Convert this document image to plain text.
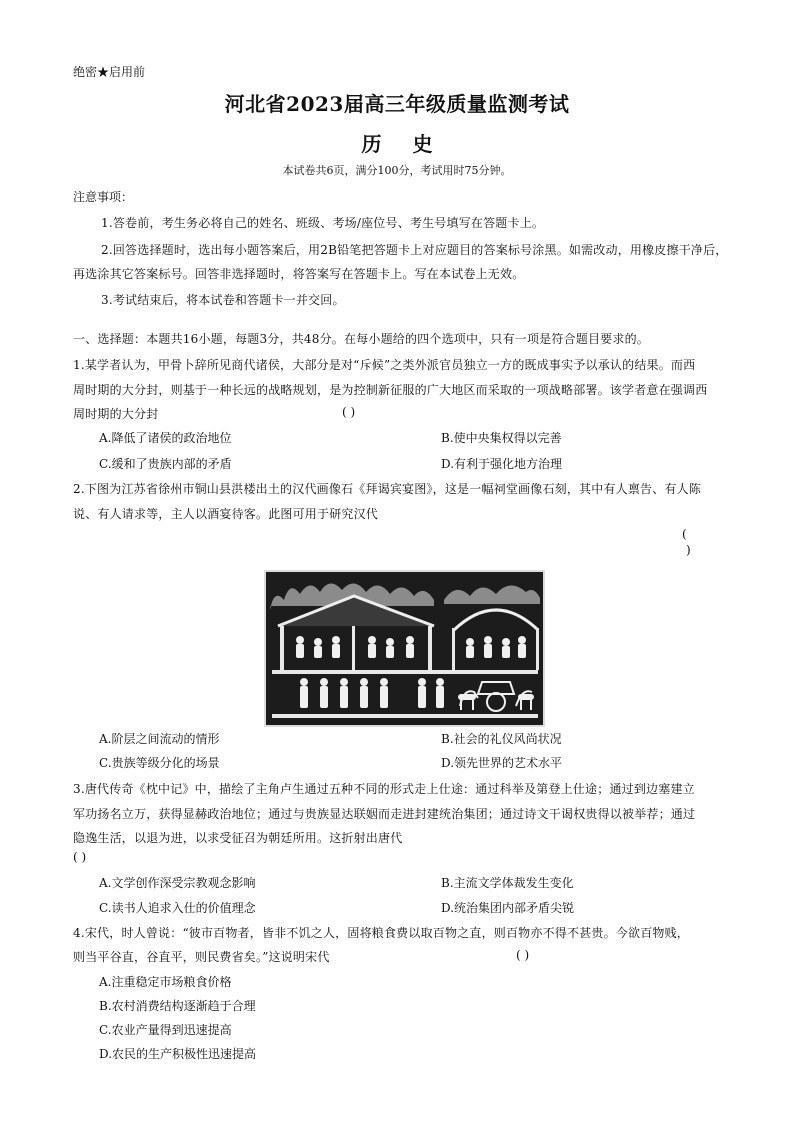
绝密★启用前
河北省2023届高三年级质量监测考试
历 史
本试卷共6页，满分100分，考试用时75分钟。
注意事项：
1.答卷前，考生务必将自己的姓名、班级、考场/座位号、考生号填写在答题卡上。
2.回答选择题时，选出每小题答案后，用2B铅笔把答题卡上对应题目的答案标号涂黑。如需改动，用橡皮擦干净后，
再选涂其它答案标号。回答非选择题时，将答案写在答题卡上。写在本试卷上无效。
3.考试结束后，将本试卷和答题卡一并交回。
一、选择题：本题共16小题，每题3分，共48分。在每小题给的四个选项中，只有一项是符合题目要求的。
1.某学者认为，甲骨卜辞所见商代诸侯，大部分是对“斥候”之类外派官员独立一方的既成事实予以承认的结果。而西
周时期的大分封，则基于一种长远的战略规划，是为控制新征服的广大地区而采取的一项战略部署。该学者意在强调西
周时期的大分封	( )
A.降低了诸侯的政治地位	B.使中央集权得以完善
C.缓和了贵族内部的矛盾	D.有利于强化地方治理
2.下图为江苏省徐州市铜山县洪楼出土的汉代画像石《拜谒宾宴图》，这是一幅祠堂画像石刻，其中有人禀告、有人陈
说、有人请求等，主人以酒宴待客。此图可用于研究汉代
(
)
A.阶层之间流动的情形	B.社会的礼仪风尚状况
C.贵族等级分化的场景	D.领先世界的艺术水平
3.唐代传奇《枕中记》中，描绘了主角卢生通过五种不同的形式走上仕途：通过科举及第登上仕途；通过到边塞建立
军功扬名立万，获得显赫政治地位；通过与贵族显达联姻而走进封建统治集团；通过诗文干谒权贵得以被举荐；通过
隐逸生活，以退为进，以求受征召为朝廷所用。这折射出唐代
( )
A.文学创作深受宗教观念影响	B.主流文学体裁发生变化
C.读书人追求入仕的价值理念	D.统治集团内部矛盾尖锐
4.宋代，时人曾说：“彼市百物者，皆非不饥之人，固将粮食费以取百物之直，则百物亦不得不甚贵。今欲百物贱，
则当平谷直，谷直平，则民费省矣。”这说明宋代	( )
A.注重稳定市场粮食价格
B.农村消费结构逐渐趋于合理
C.农业产量得到迅速提高
D.农民的生产积极性迅速提高
